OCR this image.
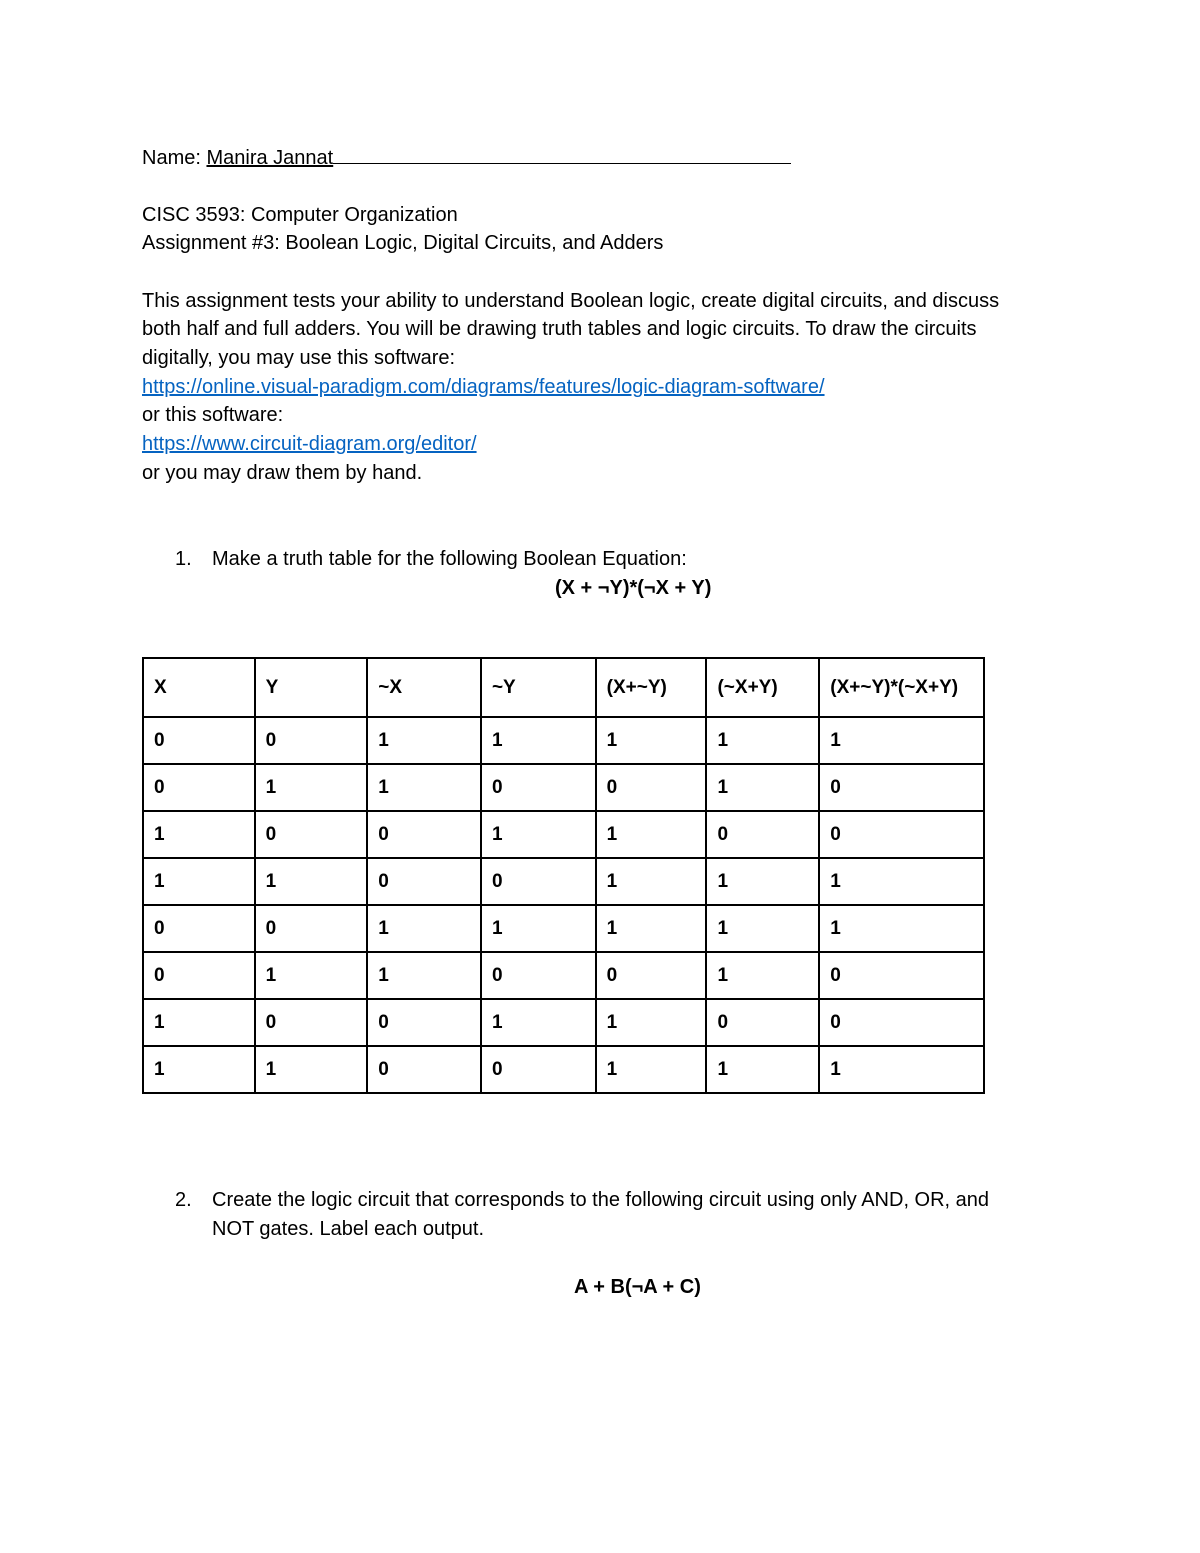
Name: Manira Jannat
CISC 3593: Computer Organization
Assignment #3: Boolean Logic, Digital Circuits, and Adders
This assignment tests your ability to understand Boolean logic, create digital circuits, and discuss
both half and full adders. You will be drawing truth tables and logic circuits. To draw the circuits
digitally, you may use this software:
https://online.visual-paradigm.com/diagrams/features/logic-diagram-software/
or this software:
https://www.circuit-diagram.org/editor/
or you may draw them by hand.
1. Make a truth table for the following Boolean Equation:
(X + ¬Y)*(¬X + Y)
X	Y	~X	~Y	(X+~Y)	(~X+Y)	(X+~Y)*(~X+Y)
0	0	1	1	1	1	1
0	1	1	0	0	1	0
1	0	0	1	1	0	0
1	1	0	0	1	1	1
0	0	1	1	1	1	1
0	1	1	0	0	1	0
1	0	0	1	1	0	0
1	1	0	0	1	1	1
2. Create the logic circuit that corresponds to the following circuit using only AND, OR, and
NOT gates. Label each output.
A + B(¬A + C)
